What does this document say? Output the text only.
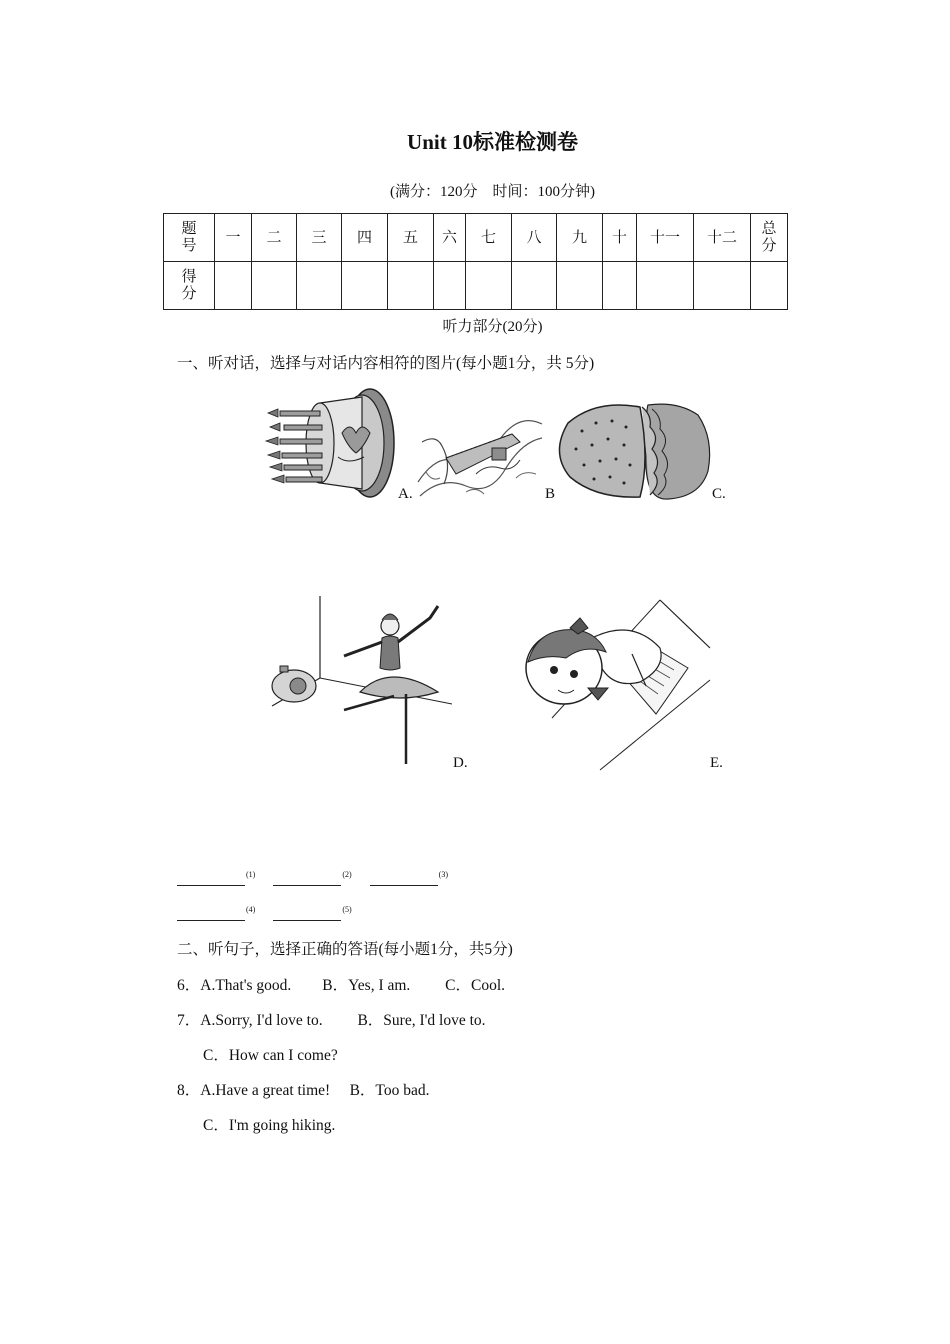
Unit 10标准检测卷
(满分：120分　时间：100分钟)
题号	一	二	三	四	五	六	七	八	九	十	十一	十二	总分
得分													
听力部分(20分)
一、听对话，选择与对话内容相符的图片(每小题1分，共 5分)
A.	B	C.
D.	E.
$^{(1)}$	$^{(2)}$	$^{(3)}$
$^{(4)}$	$^{(5)}$
二、听句子，选择正确的答语(每小题1分，共5分)
6．A.That's good.　　B．Yes, I am.　　 C．Cool.
7．A.Sorry, I'd love to.　　 B．Sure, I'd love to.
C．How can I come?
8．A.Have a great time!　 B．Too bad.
C．I'm going hiking.
